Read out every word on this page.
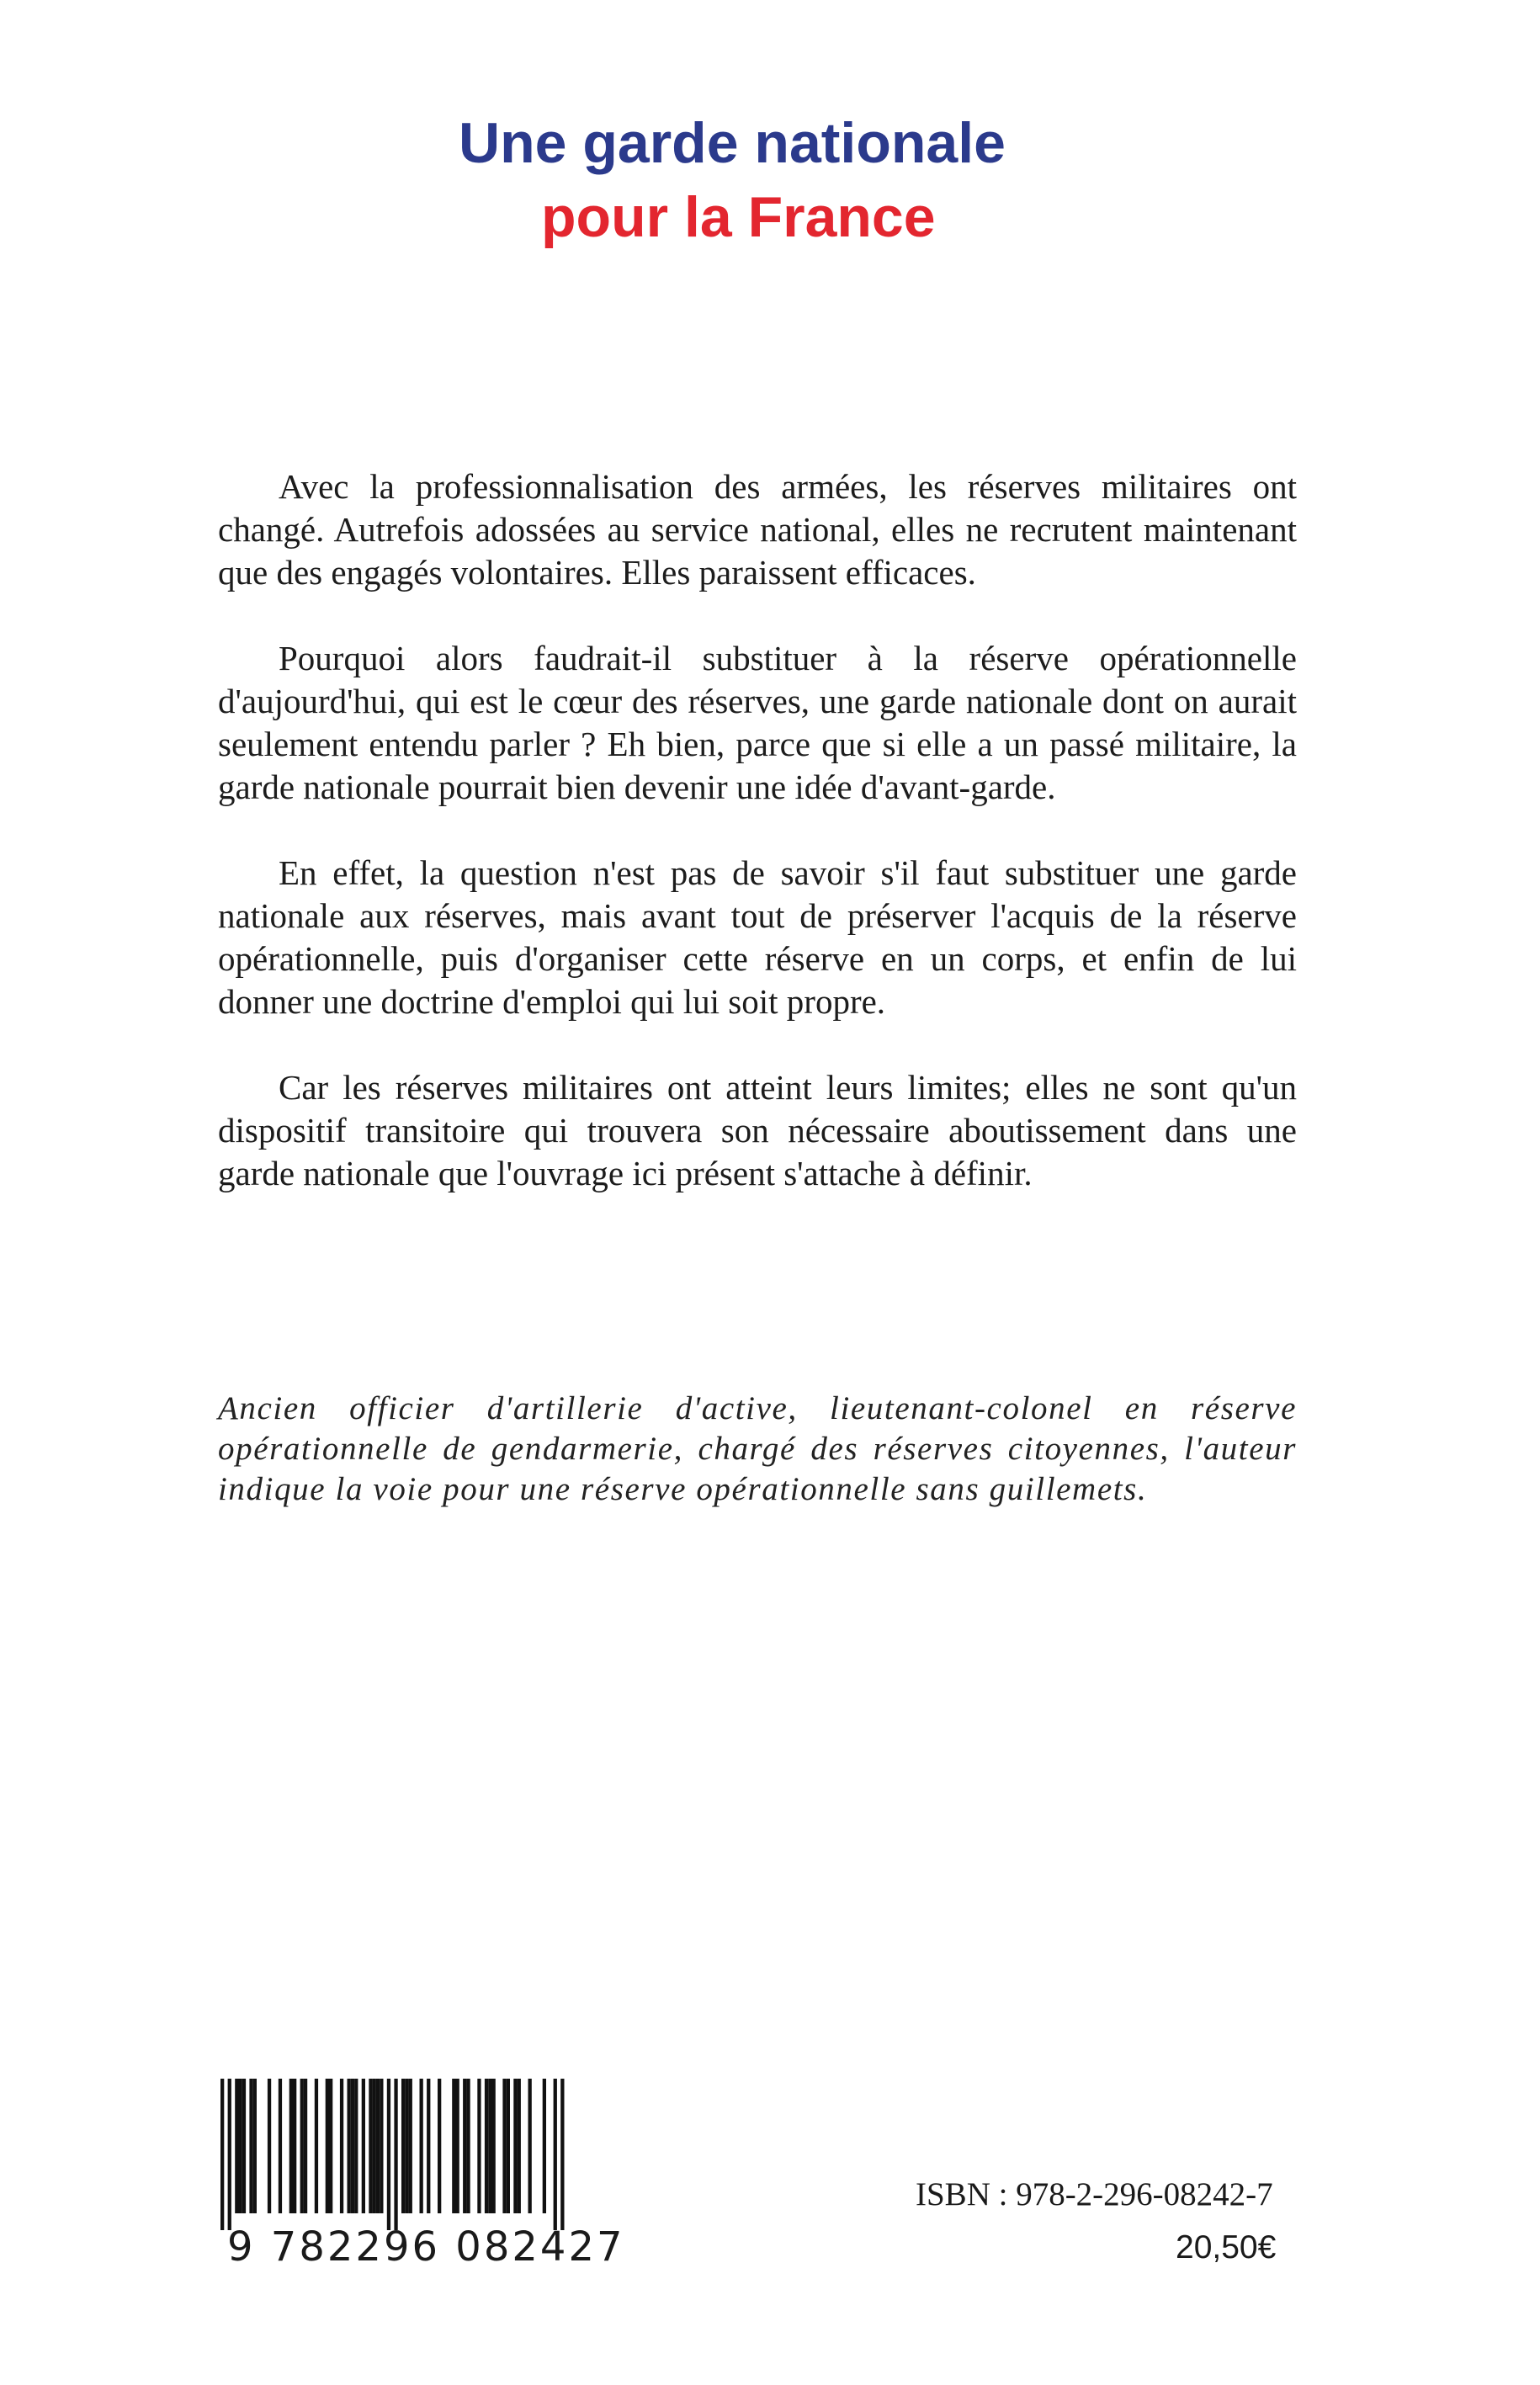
Une garde nationale
pour la France

Avec la professionnalisation des armées, les réserves militaires ont changé. Autrefois adossées au service national, elles ne recrutent maintenant que des engagés volontaires. Elles paraissent efficaces.

Pourquoi alors faudrait-il substituer à la réserve opérationnelle d'aujourd'hui, qui est le cœur des réserves, une garde nationale dont on aurait seulement entendu parler ? Eh bien, parce que si elle a un passé militaire, la garde nationale pourrait bien devenir une idée d'avant-garde.

En effet, la question n'est pas de savoir s'il faut substituer une garde nationale aux réserves, mais avant tout de préserver l'acquis de la réserve opérationnelle, puis d'organiser cette réserve en un corps, et enfin de lui donner une doctrine d'emploi qui lui soit propre.

Car les réserves militaires ont atteint leurs limites; elles ne sont qu'un dispositif transitoire qui trouvera son nécessaire aboutissement dans une garde nationale que l'ouvrage ici présent s'attache à définir.

Ancien officier d'artillerie d'active, lieutenant-colonel en réserve opérationnelle de gendarmerie, chargé des réserves citoyennes, l'auteur indique la voie pour une réserve opérationnelle sans guillemets.

9 782296 082427
ISBN : 978-2-296-08242-7
20,50€
